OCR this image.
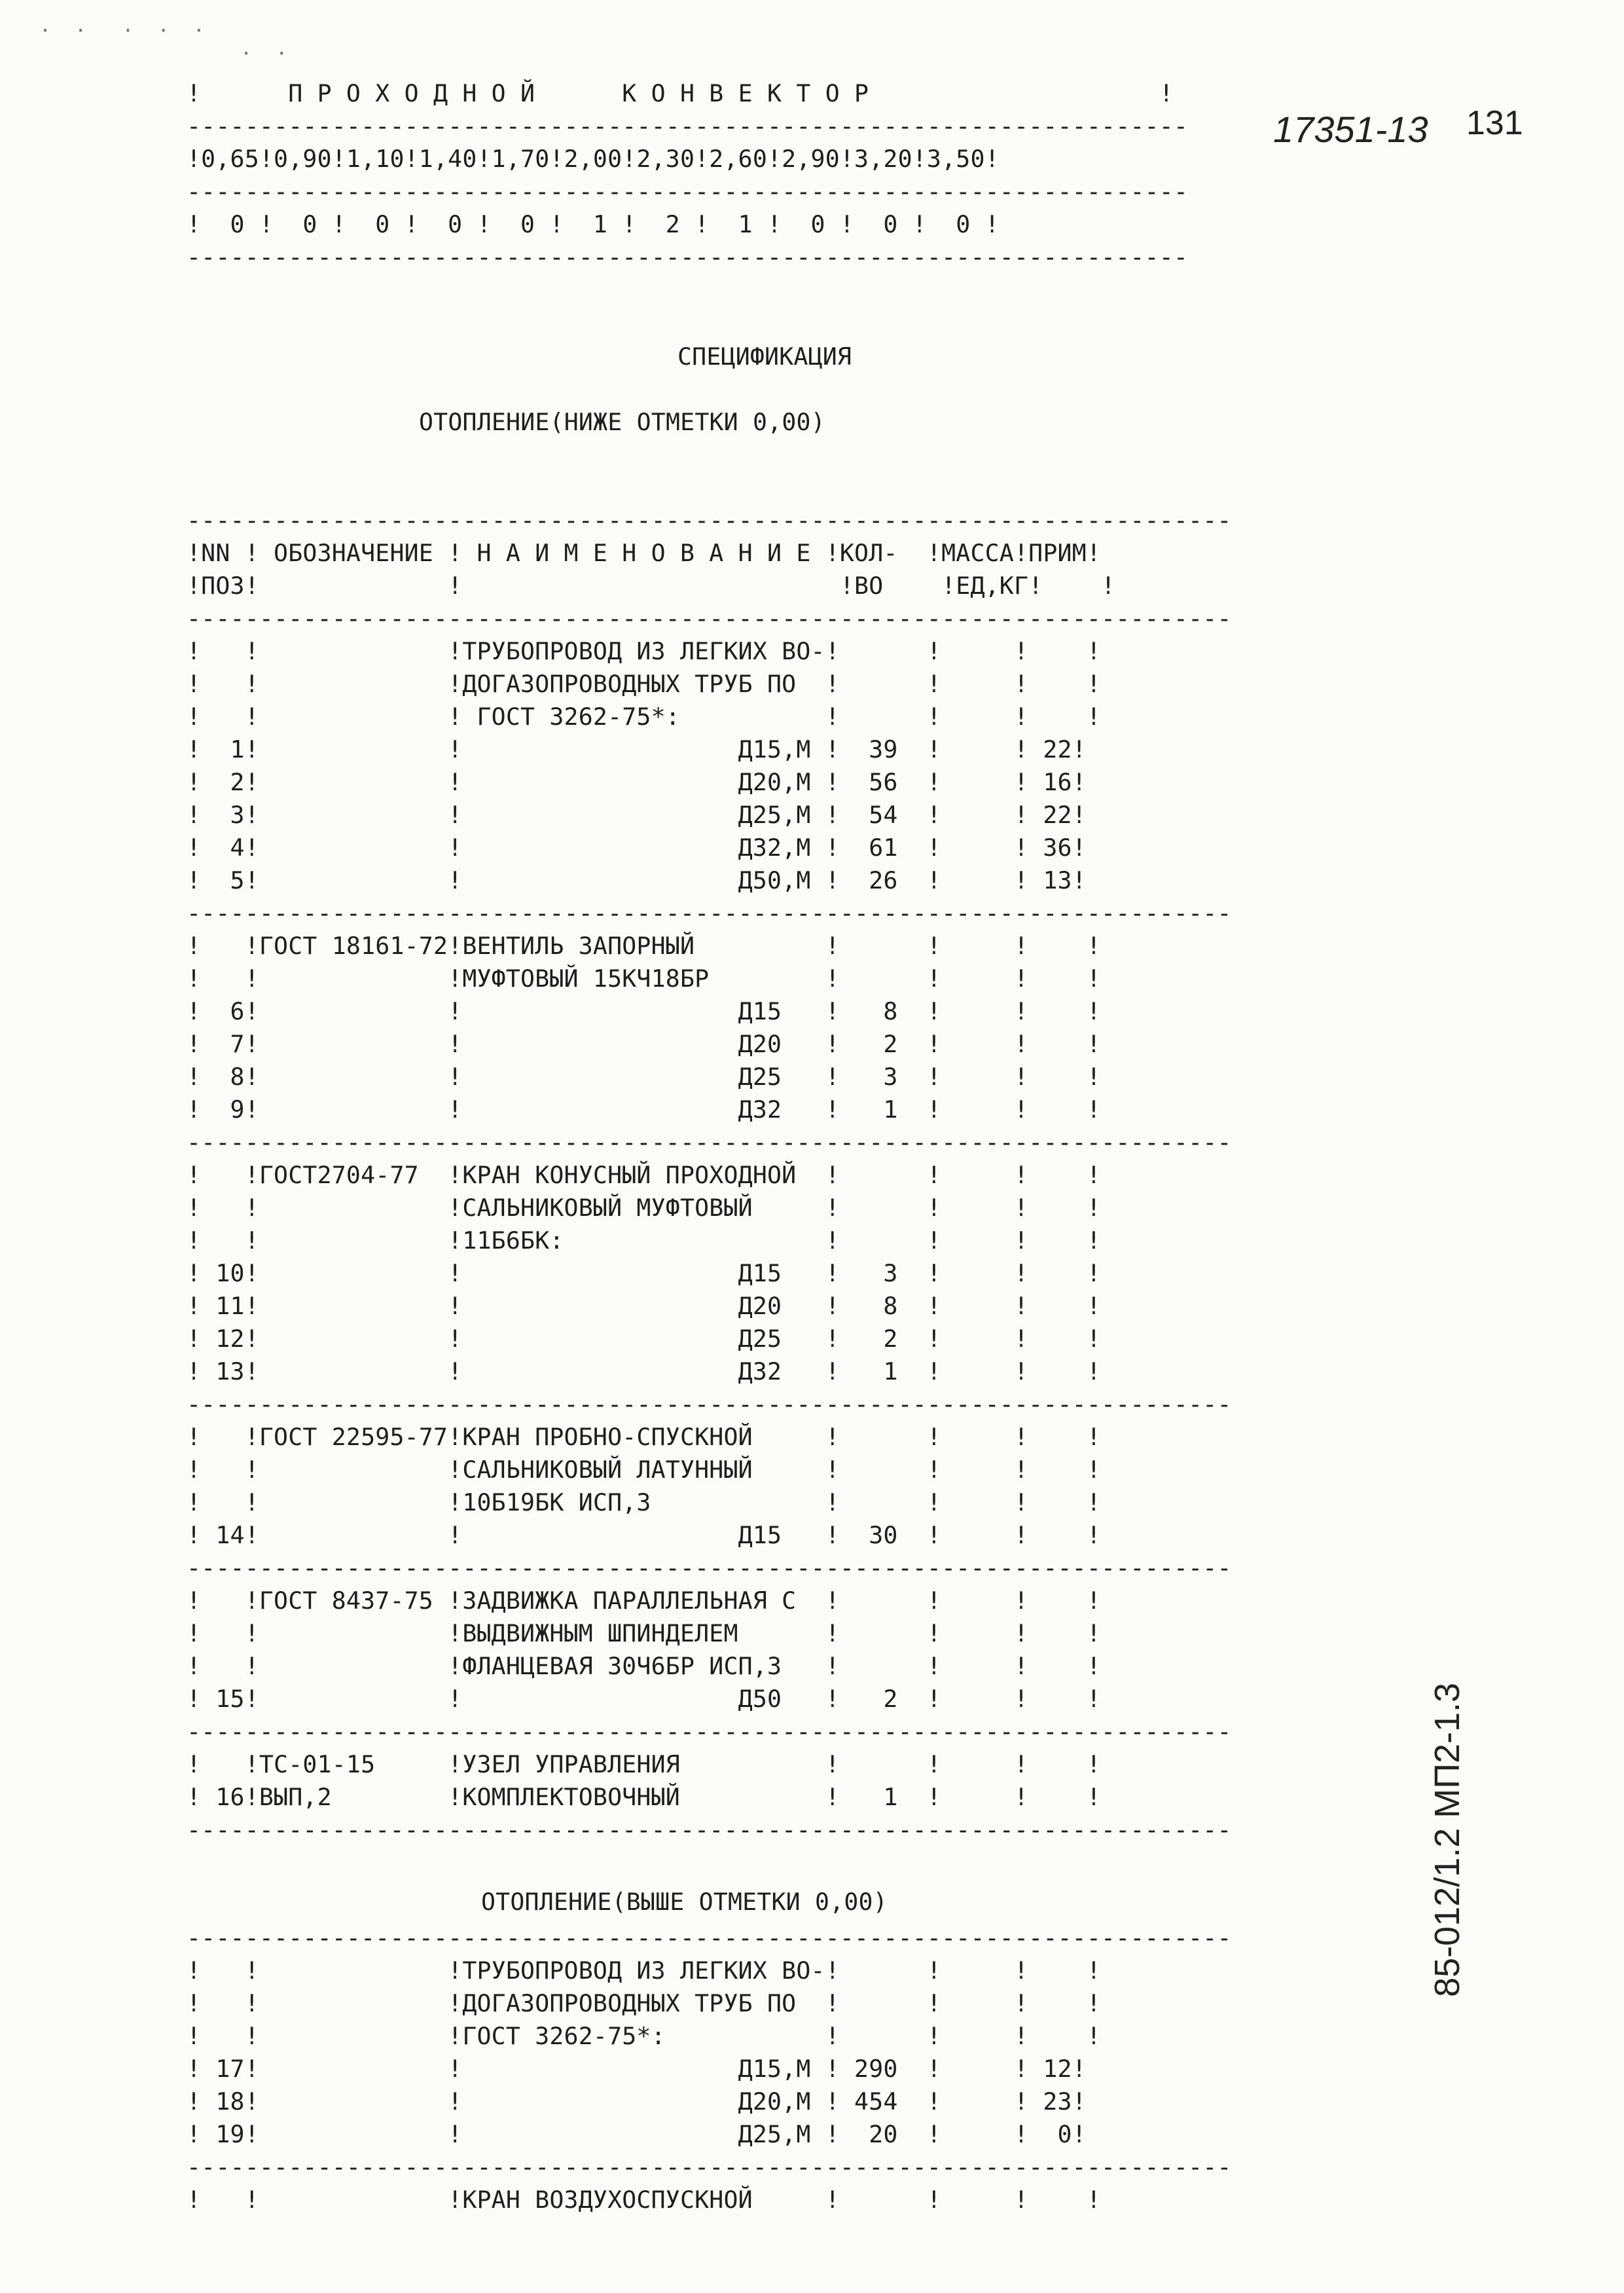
·  ·   ·  ·  ·
·  ·
17351-13 131
85-012/1.2 МП2-1.3
!      П Р О Х О Д Н О Й      К О Н В Е К Т О Р                    !
---------------------------------------------------------------------
!0,65!0,90!1,10!1,40!1,70!2,00!2,30!2,60!2,90!3,20!3,50!
---------------------------------------------------------------------
!  0 !  0 !  0 !  0 !  0 !  1 !  2 !  1 !  0 !  0 !  0 !
---------------------------------------------------------------------
СПЕЦИФИКАЦИЯ
ОТОПЛЕНИЕ(НИЖЕ ОТМЕТКИ 0,00)
------------------------------------------------------------------------
!NN ! ОБОЗНАЧЕНИЕ ! Н А И М Е Н О В А Н И Е !КОЛ-  !МАССА!ПРИМ!
!ПОЗ!             !                          !ВО    !ЕД,КГ!    !
------------------------------------------------------------------------
!   !             !ТРУБОПРОВОД ИЗ ЛЕГКИХ ВО-!      !     !    !
!   !             !ДОГАЗОПРОВОДНЫХ ТРУБ ПО  !      !     !    !
!   !             ! ГОСТ 3262-75*:          !      !     !    !
!  1!             !                   Д15,М !  39  !     ! 22!
!  2!             !                   Д20,М !  56  !     ! 16!
!  3!             !                   Д25,М !  54  !     ! 22!
!  4!             !                   Д32,М !  61  !     ! 36!
!  5!             !                   Д50,М !  26  !     ! 13!
------------------------------------------------------------------------
!   !ГОСТ 18161-72!ВЕНТИЛЬ ЗАПОРНЫЙ         !      !     !    !
!   !             !МУФТОВЫЙ 15КЧ18БР        !      !     !    !
!  6!             !                   Д15   !   8  !     !    !
!  7!             !                   Д20   !   2  !     !    !
!  8!             !                   Д25   !   3  !     !    !
!  9!             !                   Д32   !   1  !     !    !
------------------------------------------------------------------------
!   !ГОСТ2704-77  !КРАН КОНУСНЫЙ ПРОХОДНОЙ  !      !     !    !
!   !             !САЛЬНИКОВЫЙ МУФТОВЫЙ     !      !     !    !
!   !             !11Б6БК:                  !      !     !    !
! 10!             !                   Д15   !   3  !     !    !
! 11!             !                   Д20   !   8  !     !    !
! 12!             !                   Д25   !   2  !     !    !
! 13!             !                   Д32   !   1  !     !    !
------------------------------------------------------------------------
!   !ГОСТ 22595-77!КРАН ПРОБНО-СПУСКНОЙ     !      !     !    !
!   !             !САЛЬНИКОВЫЙ ЛАТУННЫЙ     !      !     !    !
!   !             !10Б19БК ИСП,3            !      !     !    !
! 14!             !                   Д15   !  30  !     !    !
------------------------------------------------------------------------
!   !ГОСТ 8437-75 !ЗАДВИЖКА ПАРАЛЛЕЛЬНАЯ С  !      !     !    !
!   !             !ВЫДВИЖНЫМ ШПИНДЕЛЕМ      !      !     !    !
!   !             !ФЛАНЦЕВАЯ 30Ч6БР ИСП,3   !      !     !    !
! 15!             !                   Д50   !   2  !     !    !
------------------------------------------------------------------------
!   !ТС-01-15     !УЗЕЛ УПРАВЛЕНИЯ          !      !     !    !
! 16!ВЫП,2        !КОМПЛЕКТОВОЧНЫЙ          !   1  !     !    !
------------------------------------------------------------------------
ОТОПЛЕНИЕ(ВЫШЕ ОТМЕТКИ 0,00)
------------------------------------------------------------------------
!   !             !ТРУБОПРОВОД ИЗ ЛЕГКИХ ВО-!      !     !    !
!   !             !ДОГАЗОПРОВОДНЫХ ТРУБ ПО  !      !     !    !
!   !             !ГОСТ 3262-75*:           !      !     !    !
! 17!             !                   Д15,М ! 290  !     ! 12!
! 18!             !                   Д20,М ! 454  !     ! 23!
! 19!             !                   Д25,М !  20  !     !  0!
------------------------------------------------------------------------
!   !             !КРАН ВОЗДУХОСПУСКНОЙ     !      !     !    !
